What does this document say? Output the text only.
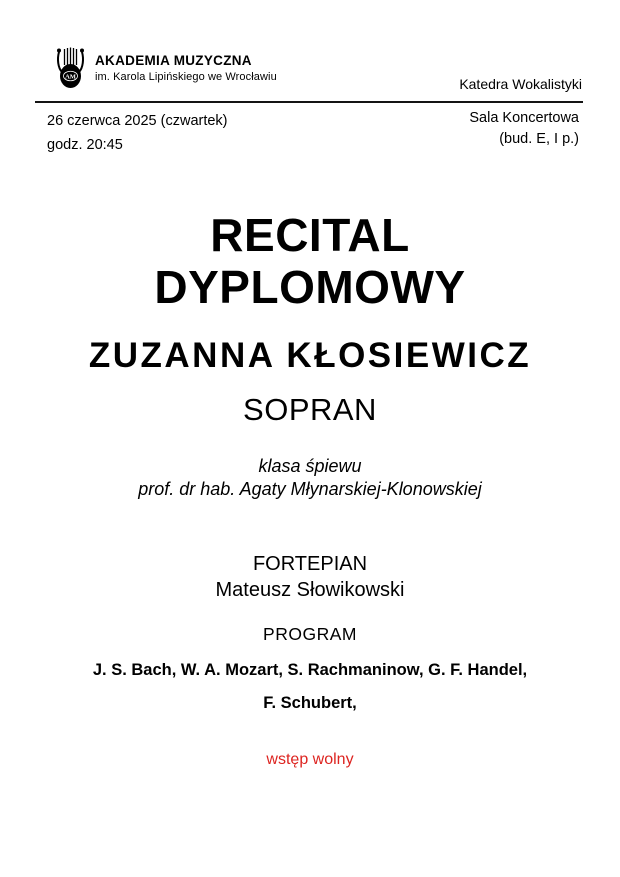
AM
AKADEMIA MUZYCZNA
im. Karola Lipińskiego we Wrocławiu	Katedra Wokalistyki
26 czerwca 2025 (czwartek)
godz. 20:45
Sala Koncertowa
(bud. E, I p.)
RECITAL
DYPLOMOWY
ZUZANNA KŁOSIEWICZ
SOPRAN
klasa śpiewu
prof. dr hab. Agaty Młynarskiej-Klonowskiej
FORTEPIAN
Mateusz Słowikowski
PROGRAM
J. S. Bach, W. A. Mozart, S. Rachmaninow, G. F. Handel,
F. Schubert,
wstęp wolny
